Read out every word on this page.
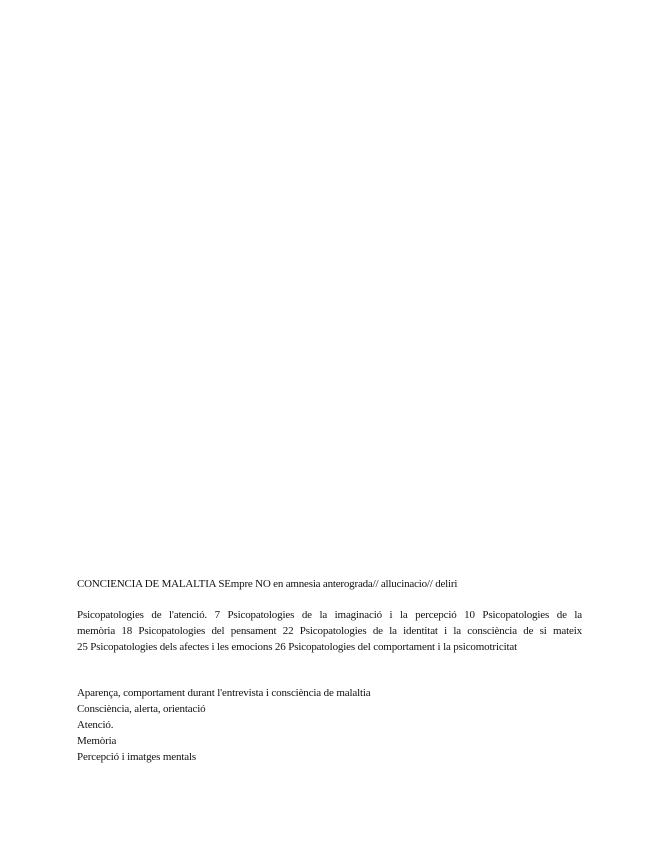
CONCIENCIA DE MALALTIA SEmpre NO en amnesia anterograda// allucinacio// deliri

Psicopatologies de l'atenció. 7 Psicopatologies de la imaginació i la percepció 10 Psicopatologies de la
memòria 18 Psicopatologies del pensament 22 Psicopatologies de la identitat i la consciència de si mateix
25 Psicopatologies dels afectes i les emocions 26 Psicopatologies del comportament i la psicomotricitat

Aparença, comportament durant l'entrevista i consciència de malaltia
Consciència, alerta, orientació
Atenció.
Memòria
Percepció i imatges mentals
